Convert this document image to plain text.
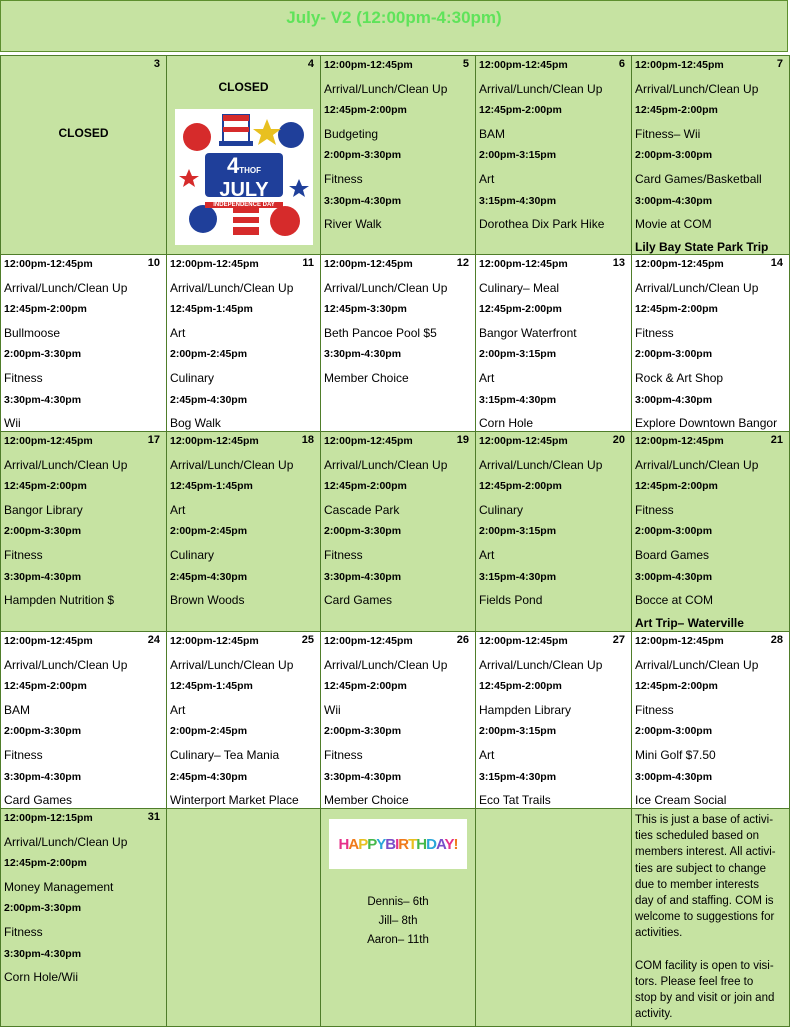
July- V2 (12:00pm-4:30pm)
3
CLOSED
4
CLOSED
4THOF JULY
INDEPENDENCE DAY
5
12:00pm-12:45pm
Arrival/Lunch/Clean Up
12:45pm-2:00pm
Budgeting
2:00pm-3:30pm
Fitness
3:30pm-4:30pm
River Walk
6
12:00pm-12:45pm
Arrival/Lunch/Clean Up
12:45pm-2:00pm
BAM
2:00pm-3:15pm
Art
3:15pm-4:30pm
Dorothea Dix Park Hike
7
12:00pm-12:45pm
Arrival/Lunch/Clean Up
12:45pm-2:00pm
Fitness– Wii
2:00pm-3:00pm
Card Games/Basketball
3:00pm-4:30pm
Movie at COM
Lily Bay State Park Trip
10
12:00pm-12:45pm
Arrival/Lunch/Clean Up
12:45pm-2:00pm
Bullmoose
2:00pm-3:30pm
Fitness
3:30pm-4:30pm
Wii
11
12:00pm-12:45pm
Arrival/Lunch/Clean Up
12:45pm-1:45pm
Art
2:00pm-2:45pm
Culinary
2:45pm-4:30pm
Bog Walk
12
12:00pm-12:45pm
Arrival/Lunch/Clean Up
12:45pm-3:30pm
Beth Pancoe Pool $5
3:30pm-4:30pm
Member Choice
13
12:00pm-12:45pm
Culinary– Meal
12:45pm-2:00pm
Bangor Waterfront
2:00pm-3:15pm
Art
3:15pm-4:30pm
Corn Hole
14
12:00pm-12:45pm
Arrival/Lunch/Clean Up
12:45pm-2:00pm
Fitness
2:00pm-3:00pm
Rock & Art Shop
3:00pm-4:30pm
Explore Downtown Bangor
17
12:00pm-12:45pm
Arrival/Lunch/Clean Up
12:45pm-2:00pm
Bangor Library
2:00pm-3:30pm
Fitness
3:30pm-4:30pm
Hampden Nutrition $
18
12:00pm-12:45pm
Arrival/Lunch/Clean Up
12:45pm-1:45pm
Art
2:00pm-2:45pm
Culinary
2:45pm-4:30pm
Brown Woods
19
12:00pm-12:45pm
Arrival/Lunch/Clean Up
12:45pm-2:00pm
Cascade Park
2:00pm-3:30pm
Fitness
3:30pm-4:30pm
Card Games
20
12:00pm-12:45pm
Arrival/Lunch/Clean Up
12:45pm-2:00pm
Culinary
2:00pm-3:15pm
Art
3:15pm-4:30pm
Fields Pond
21
12:00pm-12:45pm
Arrival/Lunch/Clean Up
12:45pm-2:00pm
Fitness
2:00pm-3:00pm
Board Games
3:00pm-4:30pm
Bocce at COM
Art Trip– Waterville
24
12:00pm-12:45pm
Arrival/Lunch/Clean Up
12:45pm-2:00pm
BAM
2:00pm-3:30pm
Fitness
3:30pm-4:30pm
Card Games
25
12:00pm-12:45pm
Arrival/Lunch/Clean Up
12:45pm-1:45pm
Art
2:00pm-2:45pm
Culinary– Tea Mania
2:45pm-4:30pm
Winterport Market Place
26
12:00pm-12:45pm
Arrival/Lunch/Clean Up
12:45pm-2:00pm
Wii
2:00pm-3:30pm
Fitness
3:30pm-4:30pm
Member Choice
27
12:00pm-12:45pm
Arrival/Lunch/Clean Up
12:45pm-2:00pm
Hampden Library
2:00pm-3:15pm
Art
3:15pm-4:30pm
Eco Tat Trails
28
12:00pm-12:45pm
Arrival/Lunch/Clean Up
12:45pm-2:00pm
Fitness
2:00pm-3:00pm
Mini Golf $7.50
3:00pm-4:30pm
Ice Cream Social
31
12:00pm-12:15pm
Arrival/Lunch/Clean Up
12:45pm-2:00pm
Money Management
2:00pm-3:30pm
Fitness
3:30pm-4:30pm
Corn Hole/Wii
HAPPYBIRTHDAY!
Dennis– 6th
Jill– 8th
Aaron– 11th
This is just a base of activi-
ties scheduled based on
members interest. All activi-
ties are subject to change
due to member interests
day of and staffing. COM is
welcome to suggestions for
activities.
COM facility is open to visi-
tors. Please feel free to
stop by and visit or join and
activity.
